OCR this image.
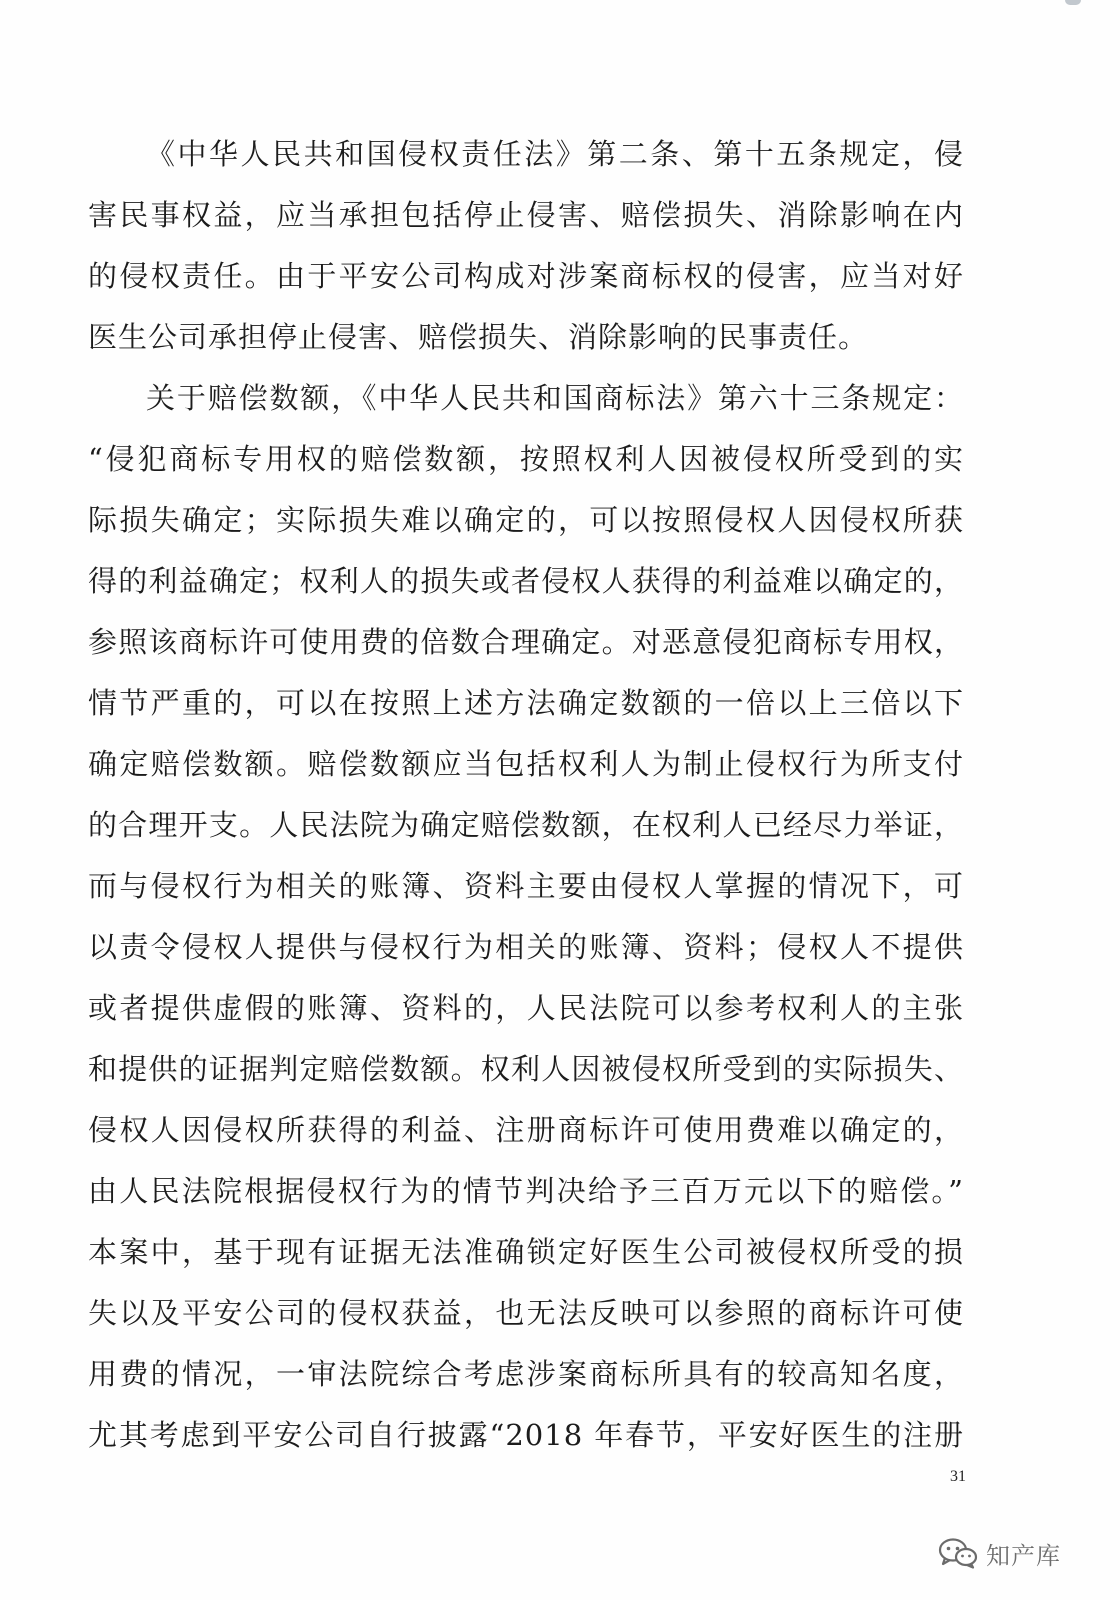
《中华人民共和国侵权责任法》第二条、第十五条规定，侵
害民事权益，应当承担包括停止侵害、赔偿损失、消除影响在内
的侵权责任。由于平安公司构成对涉案商标权的侵害，应当对好
医生公司承担停止侵害、赔偿损失、消除影响的民事责任。
关于赔偿数额，《中华人民共和国商标法》第六十三条规定：
“侵犯商标专用权的赔偿数额，按照权利人因被侵权所受到的实
际损失确定；实际损失难以确定的，可以按照侵权人因侵权所获
得的利益确定；权利人的损失或者侵权人获得的利益难以确定的，
参照该商标许可使用费的倍数合理确定。对恶意侵犯商标专用权，
情节严重的，可以在按照上述方法确定数额的一倍以上三倍以下
确定赔偿数额。赔偿数额应当包括权利人为制止侵权行为所支付
的合理开支。人民法院为确定赔偿数额，在权利人已经尽力举证，
而与侵权行为相关的账簿、资料主要由侵权人掌握的情况下，可
以责令侵权人提供与侵权行为相关的账簿、资料；侵权人不提供
或者提供虚假的账簿、资料的，人民法院可以参考权利人的主张
和提供的证据判定赔偿数额。权利人因被侵权所受到的实际损失、
侵权人因侵权所获得的利益、注册商标许可使用费难以确定的，
由人民法院根据侵权行为的情节判决给予三百万元以下的赔偿。”
本案中，基于现有证据无法准确锁定好医生公司被侵权所受的损
失以及平安公司的侵权获益，也无法反映可以参照的商标许可使
用费的情况，一审法院综合考虑涉案商标所具有的较高知名度，
尤其考虑到平安公司自行披露“2018 年春节，平安好医生的注册
31
知产库
